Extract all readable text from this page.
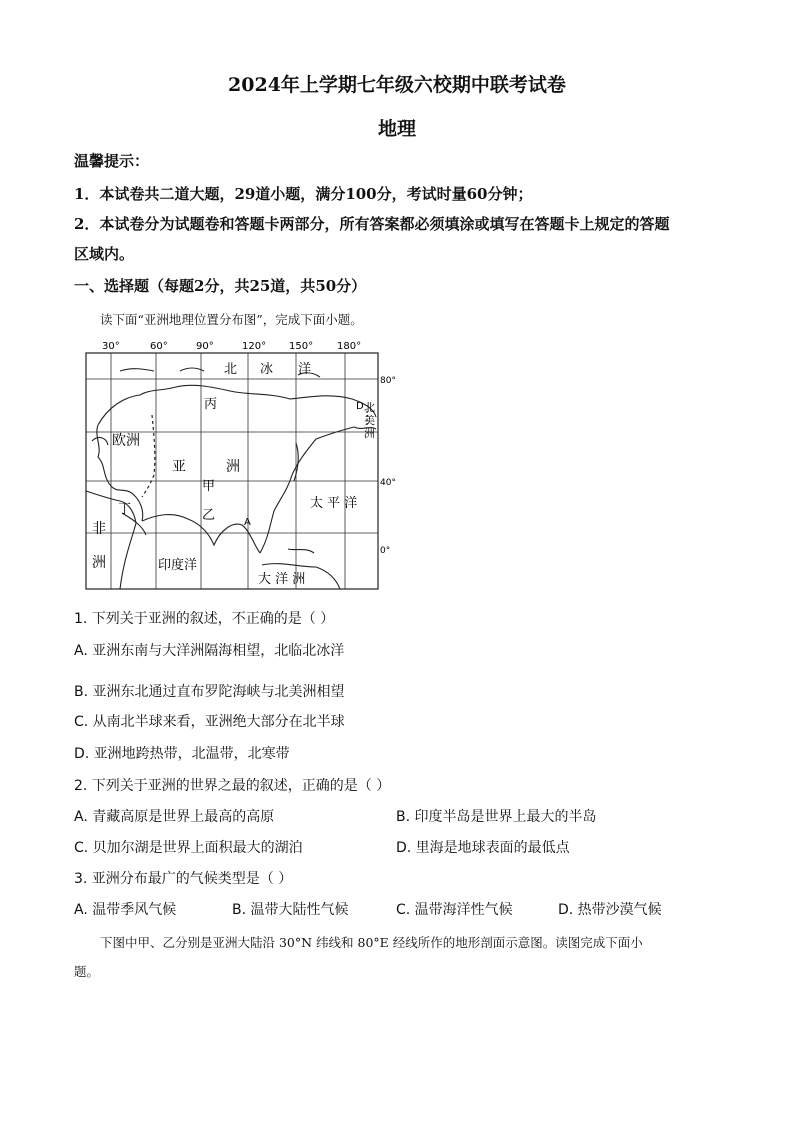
2024年上学期七年级六校期中联考试卷
地理
温馨提示：
1．本试卷共二道大题，29道小题，满分100分，考试时量60分钟；
2．本试卷分为试题卷和答题卡两部分，所有答案都必须填涂或填写在答题卡上规定的答题
区域内。
一、选择题（每题2分，共25道，共50分）
读下面“亚洲地理位置分布图”，完成下面小题。
30°	60°	90°	120° 150° 180°
80°
40°
0°
北 冰 洋
丙
欧洲
亚	洲
甲
丁	乙	A
太 平 洋
非
洲	印度洋
大 洋 洲
D 北
美
洲
1. 下列关于亚洲的叙述，不正确的是（ ）
A. 亚洲东南与大洋洲隔海相望，北临北冰洋
B. 亚洲东北通过直布罗陀海峡与北美洲相望
C. 从南北半球来看，亚洲绝大部分在北半球
D. 亚洲地跨热带，北温带，北寒带
2. 下列关于亚洲的世界之最的叙述，正确的是（ ）
A. 青藏高原是世界上最高的高原	B. 印度半岛是世界上最大的半岛
C. 贝加尔湖是世界上面积最大的湖泊	D. 里海是地球表面的最低点
3. 亚洲分布最广的气候类型是（ ）
A. 温带季风气候	B. 温带大陆性气候	C. 温带海洋性气候	D. 热带沙漠气候
下图中甲、乙分别是亚洲大陆沿 30°N 纬线和 80°E 经线所作的地形剖面示意图。读图完成下面小
题。
